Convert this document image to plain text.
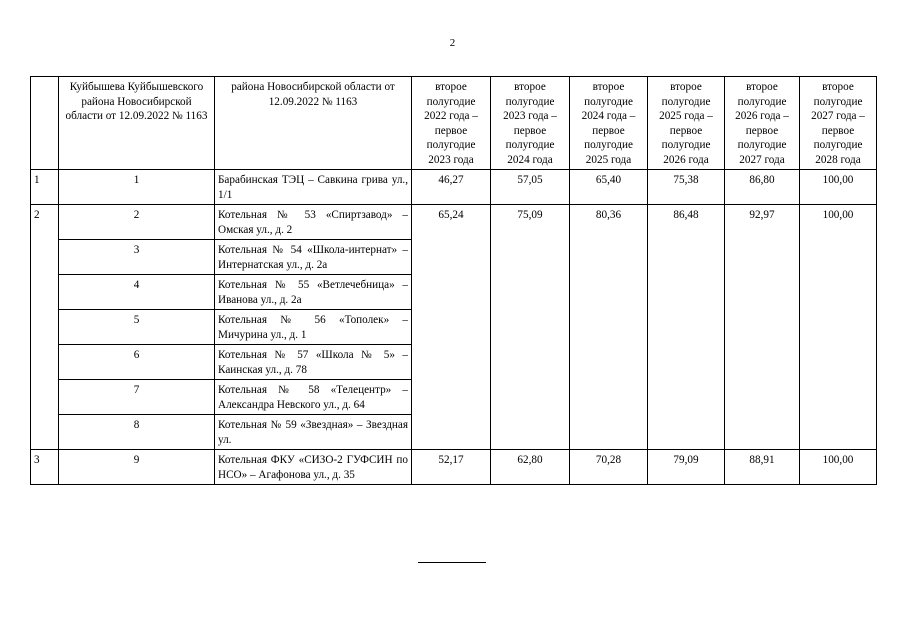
2
	Куйбышева Куйбышевского района Новосибирской области от 12.09.2022 № 1163	района Новосибирской области от 12.09.2022 № 1163	второе полугодие 2022 года – первое полугодие 2023 года	второе полугодие 2023 года – первое полугодие 2024 года	второе полугодие 2024 года – первое полугодие 2025 года	второе полугодие 2025 года – первое полугодие 2026 года	второе полугодие 2026 года – первое полугодие 2027 года	второе полугодие 2027 года – первое полугодие 2028 года
1	1	Барабинская ТЭЦ – Савкина грива ул., 1/1	46,27	57,05	65,40	75,38	86,80	100,00
2	2	Котельная № 53 «Спиртзавод» – Омская ул., д. 2	65,24	75,09	80,36	86,48	92,97	100,00
	3	Котельная № 54 «Школа-интернат» – Интернатская ул., д. 2а						
	4	Котельная № 55 «Ветлечебница» – Иванова ул., д. 2а						
	5	Котельная № 56 «Тополек» – Мичурина ул., д. 1						
	6	Котельная № 57 «Школа № 5» – Каинская ул., д. 78						
	7	Котельная № 58 «Телецентр» – Александра Невского ул., д. 64						
	8	Котельная № 59 «Звездная» – Звездная ул.						
3	9	Котельная ФКУ «СИЗО-2 ГУФСИН по НСО» – Агафонова ул., д. 35	52,17	62,80	70,28	79,09	88,91	100,00
